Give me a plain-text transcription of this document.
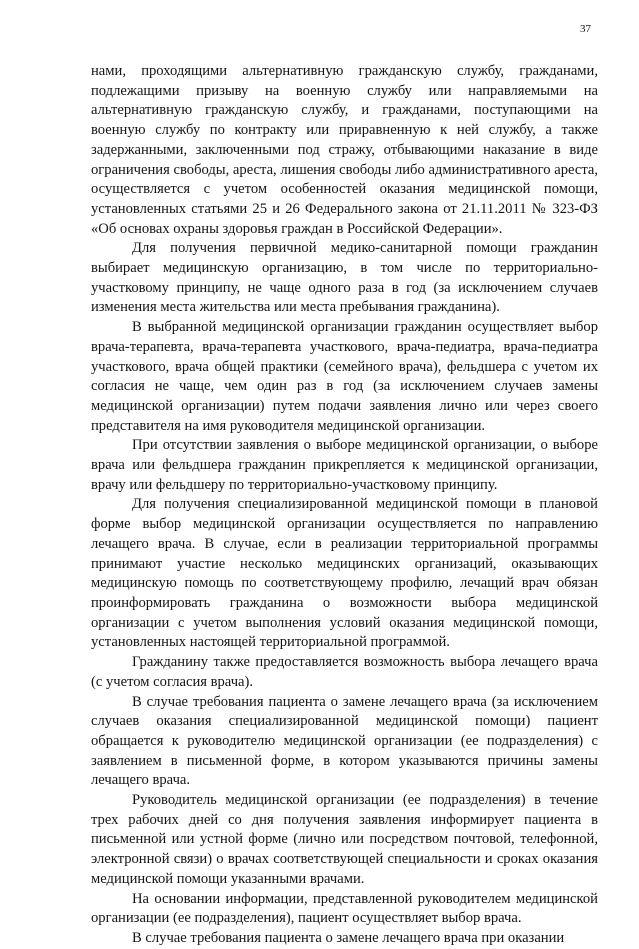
37

нами, проходящими альтернативную гражданскую службу, гражданами, подлежащими призыву на военную службу или направляемыми на альтернативную гражданскую службу, и гражданами, поступающими на военную службу по контракту или приравненную к ней службу, а также задержанными, заключенными под стражу, отбывающими наказание в виде ограничения свободы, ареста, лишения свободы либо административного ареста, осуществляется с учетом особенностей оказания медицинской помощи, установленных статьями 25 и 26 Федерального закона от 21.11.2011 № 323-ФЗ «Об основах охраны здоровья граждан в Российской Федерации».

Для получения первичной медико-санитарной помощи гражданин выбирает медицинскую организацию, в том числе по территориально-участковому принципу, не чаще одного раза в год (за исключением случаев изменения места жительства или места пребывания гражданина).

В выбранной медицинской организации гражданин осуществляет выбор врача-терапевта, врача-терапевта участкового, врача-педиатра, врача-педиатра участкового, врача общей практики (семейного врача), фельдшера с учетом их согласия не чаще, чем один раз в год (за исключением случаев замены медицинской организации) путем подачи заявления лично или через своего представителя на имя руководителя медицинской организации.

При отсутствии заявления о выборе медицинской организации, о выборе врача или фельдшера гражданин прикрепляется к медицинской организации, врачу или фельдшеру по территориально-участковому принципу.

Для получения специализированной медицинской помощи в плановой форме выбор медицинской организации осуществляется по направлению лечащего врача. В случае, если в реализации территориальной программы принимают участие несколько медицинских организаций, оказывающих медицинскую помощь по соответствующему профилю, лечащий врач обязан проинформировать гражданина о возможности выбора медицинской организации с учетом выполнения условий оказания медицинской помощи, установленных настоящей территориальной программой.

Гражданину также предоставляется возможность выбора лечащего врача (с учетом согласия врача).

В случае требования пациента о замене лечащего врача (за исключением случаев оказания специализированной медицинской помощи) пациент обращается к руководителю медицинской организации (ее подразделения) с заявлением в письменной форме, в котором указываются причины замены лечащего врача.

Руководитель медицинской организации (ее подразделения) в течение трех рабочих дней со дня получения заявления информирует пациента в письменной или устной форме (лично или посредством почтовой, телефонной, электронной связи) о врачах соответствующей специальности и сроках оказания медицинской помощи указанными врачами.

На основании информации, представленной руководителем медицинской организации (ее подразделения), пациент осуществляет выбор врача.

В случае требования пациента о замене лечащего врача при оказании
